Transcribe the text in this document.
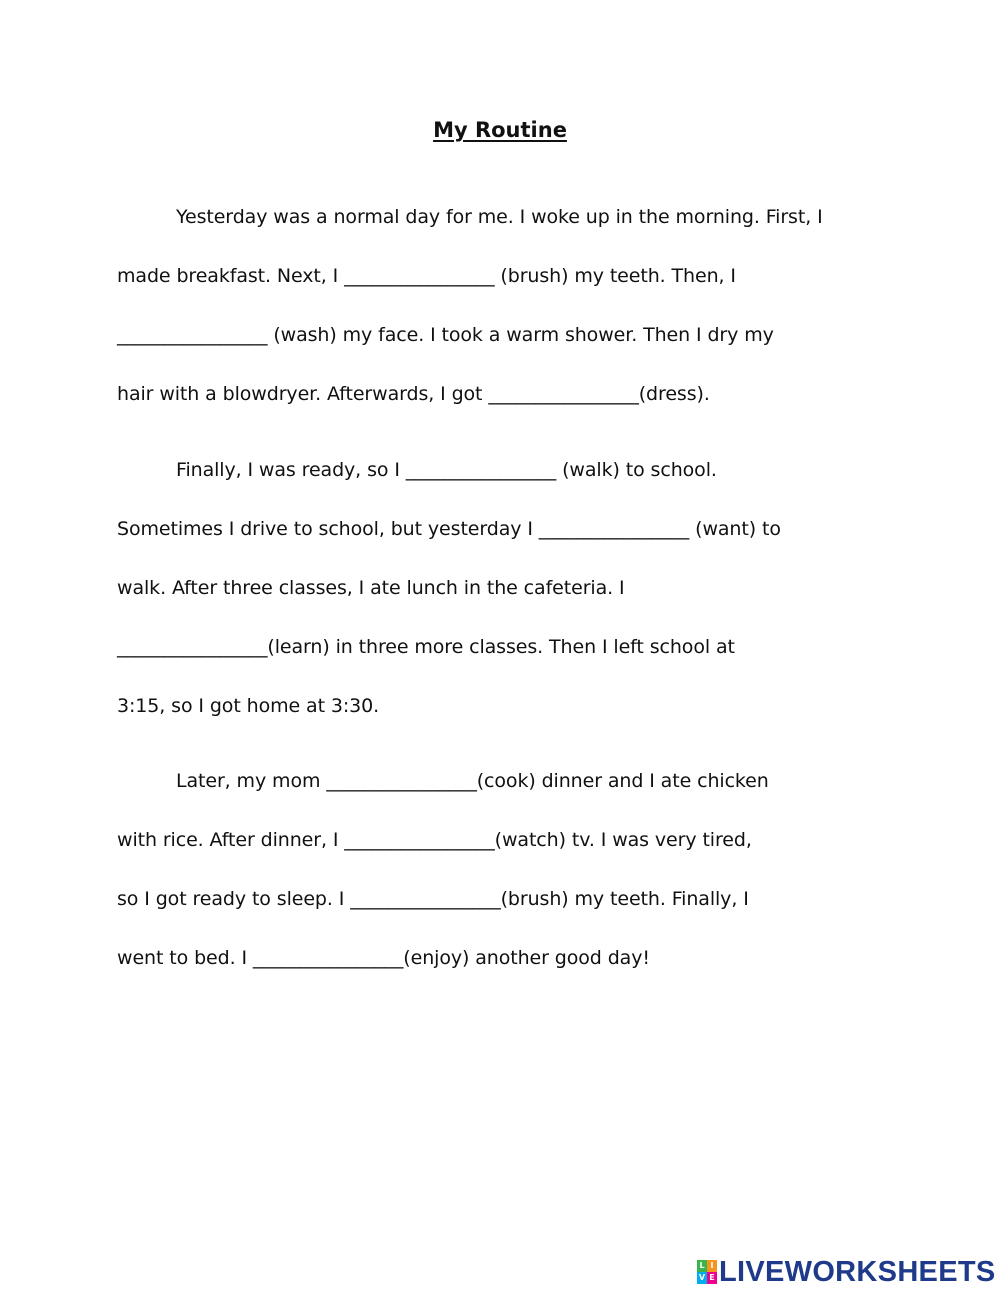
My Routine
Yesterday was a normal day for me. I woke up in the morning. First, I
made breakfast. Next, I ________________ (brush) my teeth. Then, I
________________ (wash) my face. I took a warm shower. Then I dry my
hair with a blowdryer. Afterwards, I got ________________(dress).
Finally, I was ready, so I ________________ (walk) to school.
Sometimes I drive to school, but yesterday I ________________ (want) to
walk. After three classes, I ate lunch in the cafeteria. I
________________(learn) in three more classes. Then I left school at
3:15, so I got home at 3:30.
Later, my mom ________________(cook) dinner and I ate chicken
with rice. After dinner, I ________________(watch) tv. I was very tired,
so I got ready to sleep. I ________________(brush) my teeth. Finally, I
went to bed. I ________________(enjoy) another good day!
L I
V E LIVEWORKSHEETS
